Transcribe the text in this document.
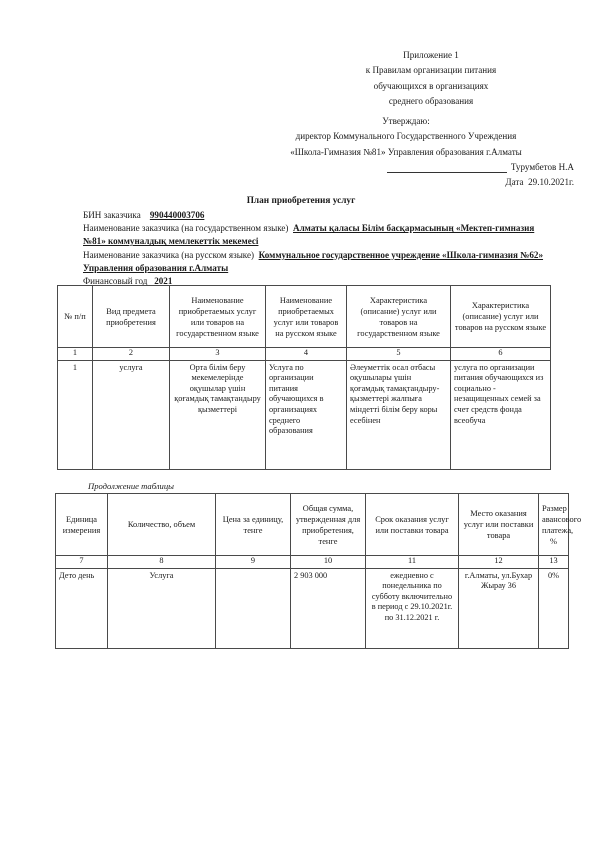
Приложение 1
к Правилам организации питания
обучающихся в организациях
среднего образования
Утверждаю:
директор Коммунального Государственного Учреждения
«Школа-Гимназия №81» Управления образования г.Алматы
Турумбетов Н.А
Дата 29.10.2021г.
План приобретения услуг
БИН заказчика 990440003706
Наименование заказчика (на государственном языке) Алматы қаласы Білім басқармасының «Мектеп-гимназия
№81» коммуналдық мемлекеттік мекемесі
Наименование заказчика (на русском языке) Коммунальное государственное учреждение «Школа-гимназия №62»
Управления образования г.Алматы
Финансовый год 2021
№ п/п	Вид предмета приобретения	Наименование приобретаемых услуг или товаров на государственном языке	Наименование приобретаемых услуг или товаров на русском языке	Характеристика (описание) услуг или товаров на государственном языке	Характеристика (описание) услуг или товаров на русском языке
1	2	3	4	5	6
1	услуга	Орта білім беру мекемелерінде оқушылар үшін қоғамдық тамақтандыру қызметтері	Услуга по организации питания обучающихся в организациях среднего образования	Әлеуметтік осал отбасы оқушылары үшін қоғамдық тамақтандыру- қызметтері жалпыға міндетті білім беру коры есебінен	услуга по организации питания обучающихся из социально - незащищенных семей за счет средств фонда всеобуча
Продолжение таблицы
Единица измерения	Количество, объем	Цена за единицу, тенге	Общая сумма, утвержденная для приобретения, тенге	Срок оказания услуг или поставки товара	Место оказания услуг или поставки товара	Размер авансового платежа, %
7	8	9	10	11	12	13
Дето день	Услуга		2 903 000	ежедневно с понедельника по субботу включительно в период с 29.10.2021г. по 31.12.2021 г.	г.Алматы, ул.Бухар Жырау 36	0%
